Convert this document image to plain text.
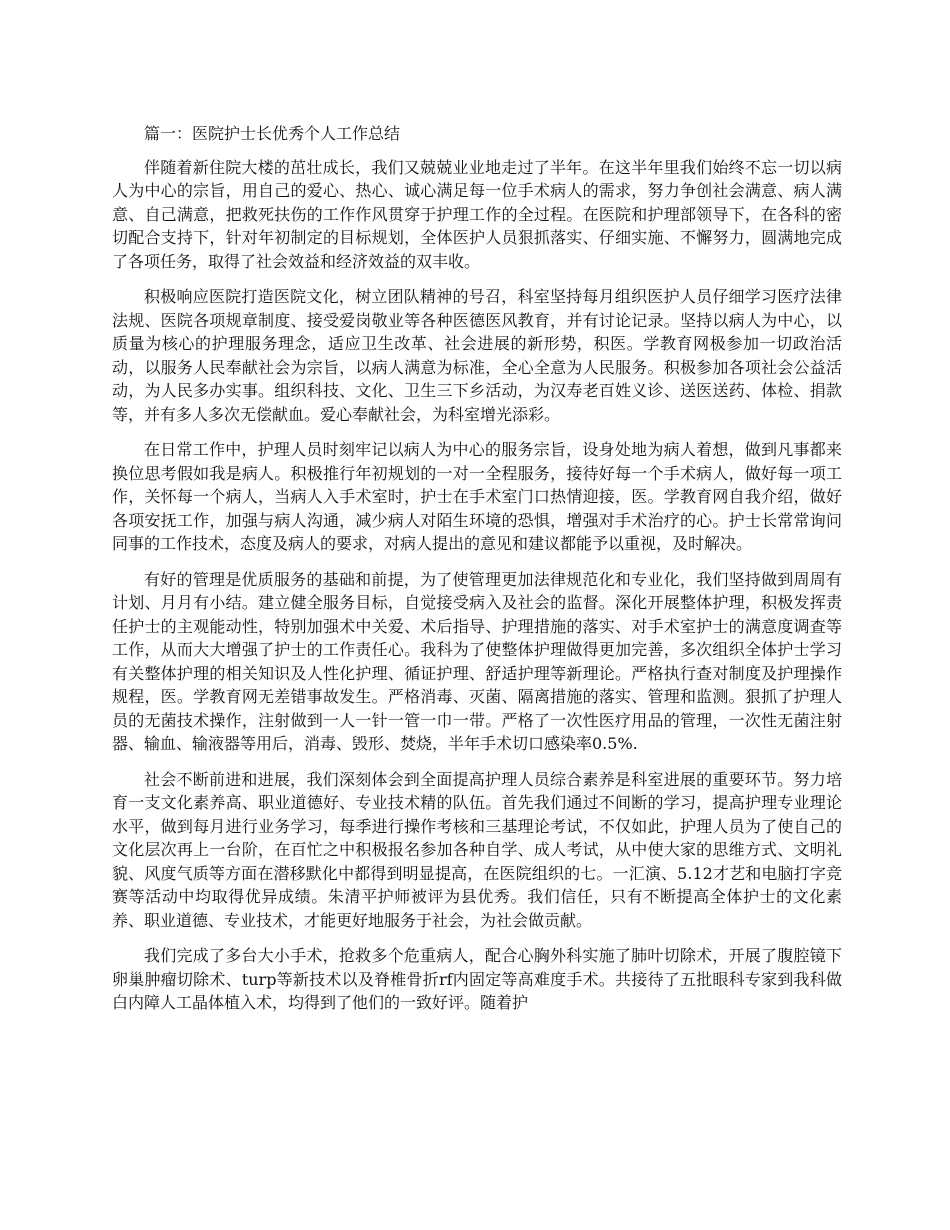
篇一：医院护士长优秀个人工作总结

伴随着新住院大楼的茁壮成长，我们又兢兢业业地走过了半年。在这半年里我们始终不忘一切以病人为中心的宗旨，用自己的爱心、热心、诚心满足每一位手术病人的需求，努力争创社会满意、病人满意、自己满意，把救死扶伤的工作作风贯穿于护理工作的全过程。在医院和护理部领导下，在各科的密切配合支持下，针对年初制定的目标规划，全体医护人员狠抓落实、仔细实施、不懈努力，圆满地完成了各项任务，取得了社会效益和经济效益的双丰收。

积极响应医院打造医院文化，树立团队精神的号召，科室坚持每月组织医护人员仔细学习医疗法律法规、医院各项规章制度、接受爱岗敬业等各种医德医风教育，并有讨论记录。坚持以病人为中心，以质量为核心的护理服务理念，适应卫生改革、社会进展的新形势，积医。学教育网极参加一切政治活动，以服务人民奉献社会为宗旨，以病人满意为标准，全心全意为人民服务。积极参加各项社会公益活动，为人民多办实事。组织科技、文化、卫生三下乡活动，为汉寿老百姓义诊、送医送药、体检、捐款等，并有多人多次无偿献血。爱心奉献社会，为科室增光添彩。

在日常工作中，护理人员时刻牢记以病人为中心的服务宗旨，设身处地为病人着想，做到凡事都来换位思考假如我是病人。积极推行年初规划的一对一全程服务，接待好每一个手术病人，做好每一项工作，关怀每一个病人，当病人入手术室时，护士在手术室门口热情迎接，医。学教育网自我介绍，做好各项安抚工作，加强与病人沟通，减少病人对陌生环境的恐惧，增强对手术治疗的心。护士长常常询问同事的工作技术，态度及病人的要求，对病人提出的意见和建议都能予以重视，及时解决。

有好的管理是优质服务的基础和前提，为了使管理更加法律规范化和专业化，我们坚持做到周周有计划、月月有小结。建立健全服务目标，自觉接受病入及社会的监督。深化开展整体护理，积极发挥责任护士的主观能动性，特别加强术中关爱、术后指导、护理措施的落实、对手术室护士的满意度调查等工作，从而大大增强了护士的工作责任心。我科为了使整体护理做得更加完善，多次组织全体护士学习有关整体护理的相关知识及人性化护理、循证护理、舒适护理等新理论。严格执行查对制度及护理操作规程，医。学教育网无差错事故发生。严格消毒、灭菌、隔离措施的落实、管理和监测。狠抓了护理人员的无菌技术操作，注射做到一人一针一管一巾一带。严格了一次性医疗用品的管理，一次性无菌注射器、输血、输液器等用后，消毒、毁形、焚烧，半年手术切口感染率0.5%.

社会不断前进和进展，我们深刻体会到全面提高护理人员综合素养是科室进展的重要环节。努力培育一支文化素养高、职业道德好、专业技术精的队伍。首先我们通过不间断的学习，提高护理专业理论水平，做到每月进行业务学习，每季进行操作考核和三基理论考试，不仅如此，护理人员为了使自己的文化层次再上一台阶，在百忙之中积极报名参加各种自学、成人考试，从中使大家的思维方式、文明礼貌、风度气质等方面在潜移默化中都得到明显提高，在医院组织的七。一汇演、5.12才艺和电脑打字竞赛等活动中均取得优异成绩。朱清平护师被评为县优秀。我们信任，只有不断提高全体护士的文化素养、职业道德、专业技术，才能更好地服务于社会，为社会做贡献。

我们完成了多台大小手术，抢救多个危重病人，配合心胸外科实施了肺叶切除术，开展了腹腔镜下卵巢肿瘤切除术、turp等新技术以及脊椎骨折rf内固定等高难度手术。共接待了五批眼科专家到我科做白内障人工晶体植入术，均得到了他们的一致好评。随着护
